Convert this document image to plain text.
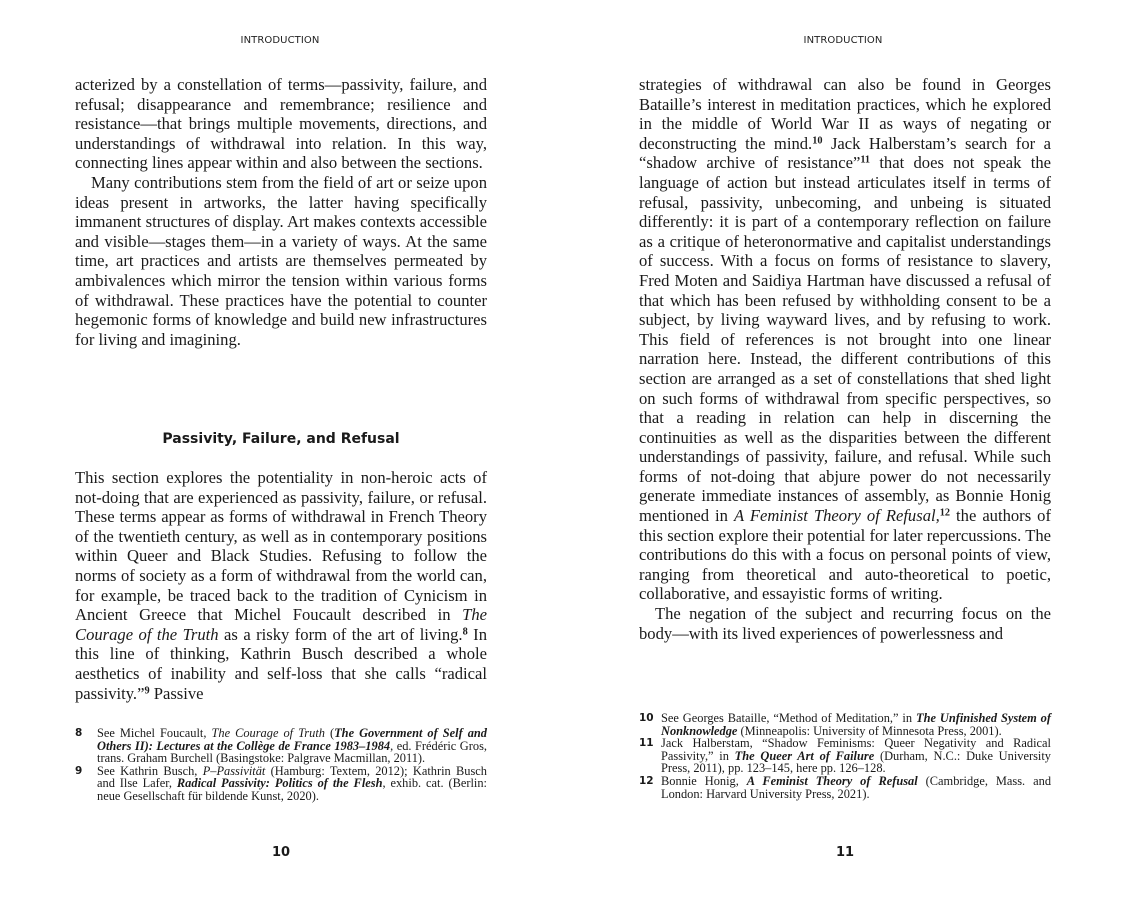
INTRODUCTION

acterized by a constellation of terms—passivity, failure, and refusal; disappearance and remembrance; resilience and resistance—that brings multiple movements, directions, and understandings of withdrawal into relation. In this way, connecting lines appear within and also between the sections.

Many contributions stem from the field of art or seize upon ideas present in artworks, the latter having specifically immanent structures of display. Art makes contexts accessible and visible—stages them—in a variety of ways. At the same time, art practices and artists are themselves permeated by ambivalences which mirror the tension within various forms of withdrawal. These practices have the potential to counter hegemonic forms of knowledge and build new infrastructures for living and imagining.

Passivity, Failure, and Refusal

This section explores the potentiality in non-heroic acts of not-doing that are experienced as passivity, failure, or refusal. These terms appear as forms of withdrawal in French Theory of the twentieth century, as well as in contemporary positions within Queer and Black Studies. Refusing to follow the norms of society as a form of withdrawal from the world can, for example, be traced back to the tradition of Cynicism in Ancient Greece that Michel Foucault described in The Courage of the Truth as a risky form of the art of living.$^8$ In this line of thinking, Kathrin Busch described a whole aesthetics of inability and self-loss that she calls “radical passivity.”$^9$ Passive

8	See Michel Foucault, The Courage of Truth (The Government of Self and Others II): Lectures at the Collège de France 1983–1984, ed. Frédéric Gros, trans. Graham Burchell (Basingstoke: Palgrave Macmillan, 2011).
9	See Kathrin Busch, P–Passivität (Hamburg: Textem, 2012); Kathrin Busch and Ilse Lafer, Radical Passivity: Politics of the Flesh, exhib. cat. (Berlin: neue Gesellschaft für bildende Kunst, 2020).
10
INTRODUCTION

strategies of withdrawal can also be found in Georges Bataille’s interest in meditation practices, which he explored in the middle of World War II as ways of negating or deconstructing the mind.$^{10}$ Jack Halberstam’s search for a “shadow archive of resistance”$^{11}$ that does not speak the language of action but instead articulates itself in terms of refusal, passivity, unbecoming, and unbeing is situated differently: it is part of a contemporary reflection on failure as a critique of heteronormative and capitalist understandings of success. With a focus on forms of resistance to slavery, Fred Moten and Saidiya Hartman have discussed a refusal of that which has been refused by withholding consent to be a subject, by living wayward lives, and by refusing to work. This field of references is not brought into one linear narration here. Instead, the different contributions of this section are arranged as a set of constellations that shed light on such forms of withdrawal from specific perspectives, so that a reading in relation can help in discerning the continuities as well as the disparities between the different understandings of passivity, failure, and refusal. While such forms of not-doing that abjure power do not necessarily generate immediate instances of assembly, as Bonnie Honig mentioned in A Feminist Theory of Refusal,$^{12}$ the authors of this section explore their potential for later repercussions. The contributions do this with a focus on personal points of view, ranging from theoretical and auto-theoretical to poetic, collaborative, and essayistic forms of writing.

The negation of the subject and recurring focus on the body—with its lived experiences of powerlessness and

10 See Georges Bataille, “Method of Meditation,” in The Unfinished System of Nonknowledge (Minneapolis: University of Minnesota Press, 2001).
11 Jack Halberstam, “Shadow Feminisms: Queer Negativity and Radical Passivity,” in The Queer Art of Failure (Durham, N.C.: Duke University Press, 2011), pp. 123–145, here pp. 126–128.
12 Bonnie Honig, A Feminist Theory of Refusal (Cambridge, Mass. and London: Harvard University Press, 2021).
11
